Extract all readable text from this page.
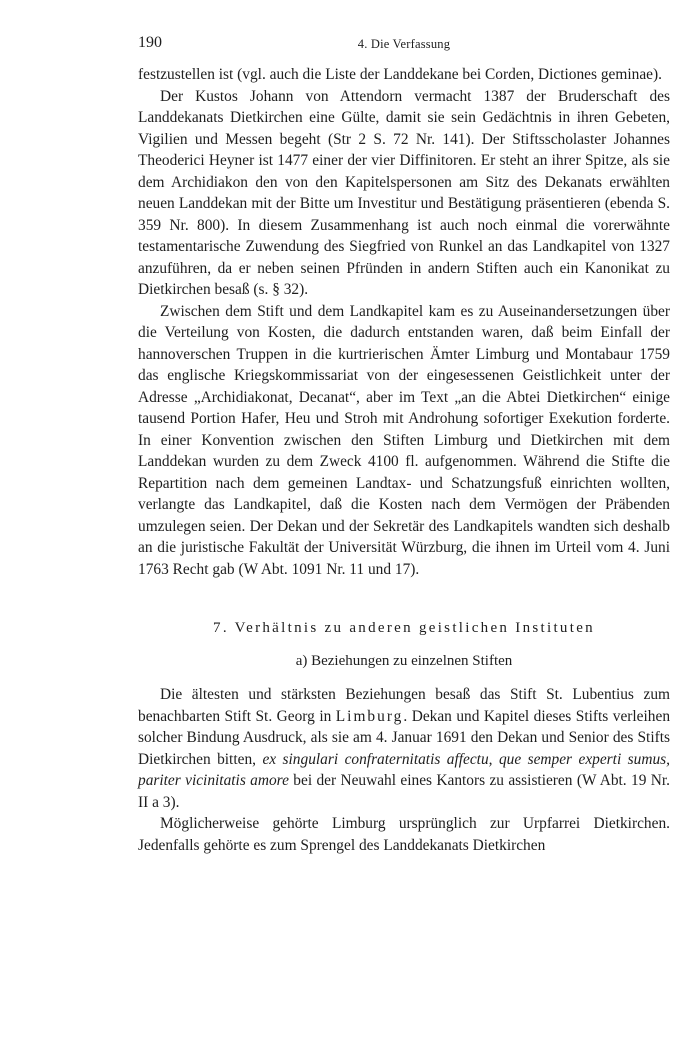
190	4. Die Verfassung

festzustellen ist (vgl. auch die Liste der Landdekane bei Corden, Dictiones geminae).

Der Kustos Johann von Attendorn vermacht 1387 der Bruderschaft des Landdekanats Dietkirchen eine Gülte, damit sie sein Gedächtnis in ihren Gebeten, Vigilien und Messen begeht (Str 2 S. 72 Nr. 141). Der Stiftsscholaster Johannes Theoderici Heyner ist 1477 einer der vier Diffinitoren. Er steht an ihrer Spitze, als sie dem Archidiakon den von den Kapitelspersonen am Sitz des Dekanats erwählten neuen Landdekan mit der Bitte um Investitur und Bestätigung präsentieren (ebenda S. 359 Nr. 800). In diesem Zusammenhang ist auch noch einmal die vorerwähnte testamentarische Zuwendung des Siegfried von Runkel an das Landkapitel von 1327 anzuführen, da er neben seinen Pfründen in andern Stiften auch ein Kanonikat zu Dietkirchen besaß (s. § 32).

Zwischen dem Stift und dem Landkapitel kam es zu Auseinandersetzungen über die Verteilung von Kosten, die dadurch entstanden waren, daß beim Einfall der hannoverschen Truppen in die kurtrierischen Ämter Limburg und Montabaur 1759 das englische Kriegskommissariat von der eingesessenen Geistlichkeit unter der Adresse „Archidiakonat, Decanat“, aber im Text „an die Abtei Dietkirchen“ einige tausend Portion Hafer, Heu und Stroh mit Androhung sofortiger Exekution forderte. In einer Konvention zwischen den Stiften Limburg und Dietkirchen mit dem Landdekan wurden zu dem Zweck 4100 fl. aufgenommen. Während die Stifte die Repartition nach dem gemeinen Landtax- und Schatzungsfuß einrichten wollten, verlangte das Landkapitel, daß die Kosten nach dem Vermögen der Präbenden umzulegen seien. Der Dekan und der Sekretär des Landkapitels wandten sich deshalb an die juristische Fakultät der Universität Würzburg, die ihnen im Urteil vom 4. Juni 1763 Recht gab (W Abt. 1091 Nr. 11 und 17).

7. Verhältnis zu anderen geistlichen Instituten
a) Beziehungen zu einzelnen Stiften

Die ältesten und stärksten Beziehungen besaß das Stift St. Lubentius zum benachbarten Stift St. Georg in Limburg. Dekan und Kapitel dieses Stifts verleihen solcher Bindung Ausdruck, als sie am 4. Januar 1691 den Dekan und Senior des Stifts Dietkirchen bitten, ex singulari confraternitatis affectu, que semper experti sumus, pariter vicinitatis amore bei der Neuwahl eines Kantors zu assistieren (W Abt. 19 Nr. II a 3).

Möglicherweise gehörte Limburg ursprünglich zur Urpfarrei Dietkirchen. Jedenfalls gehörte es zum Sprengel des Landdekanats Dietkirchen
